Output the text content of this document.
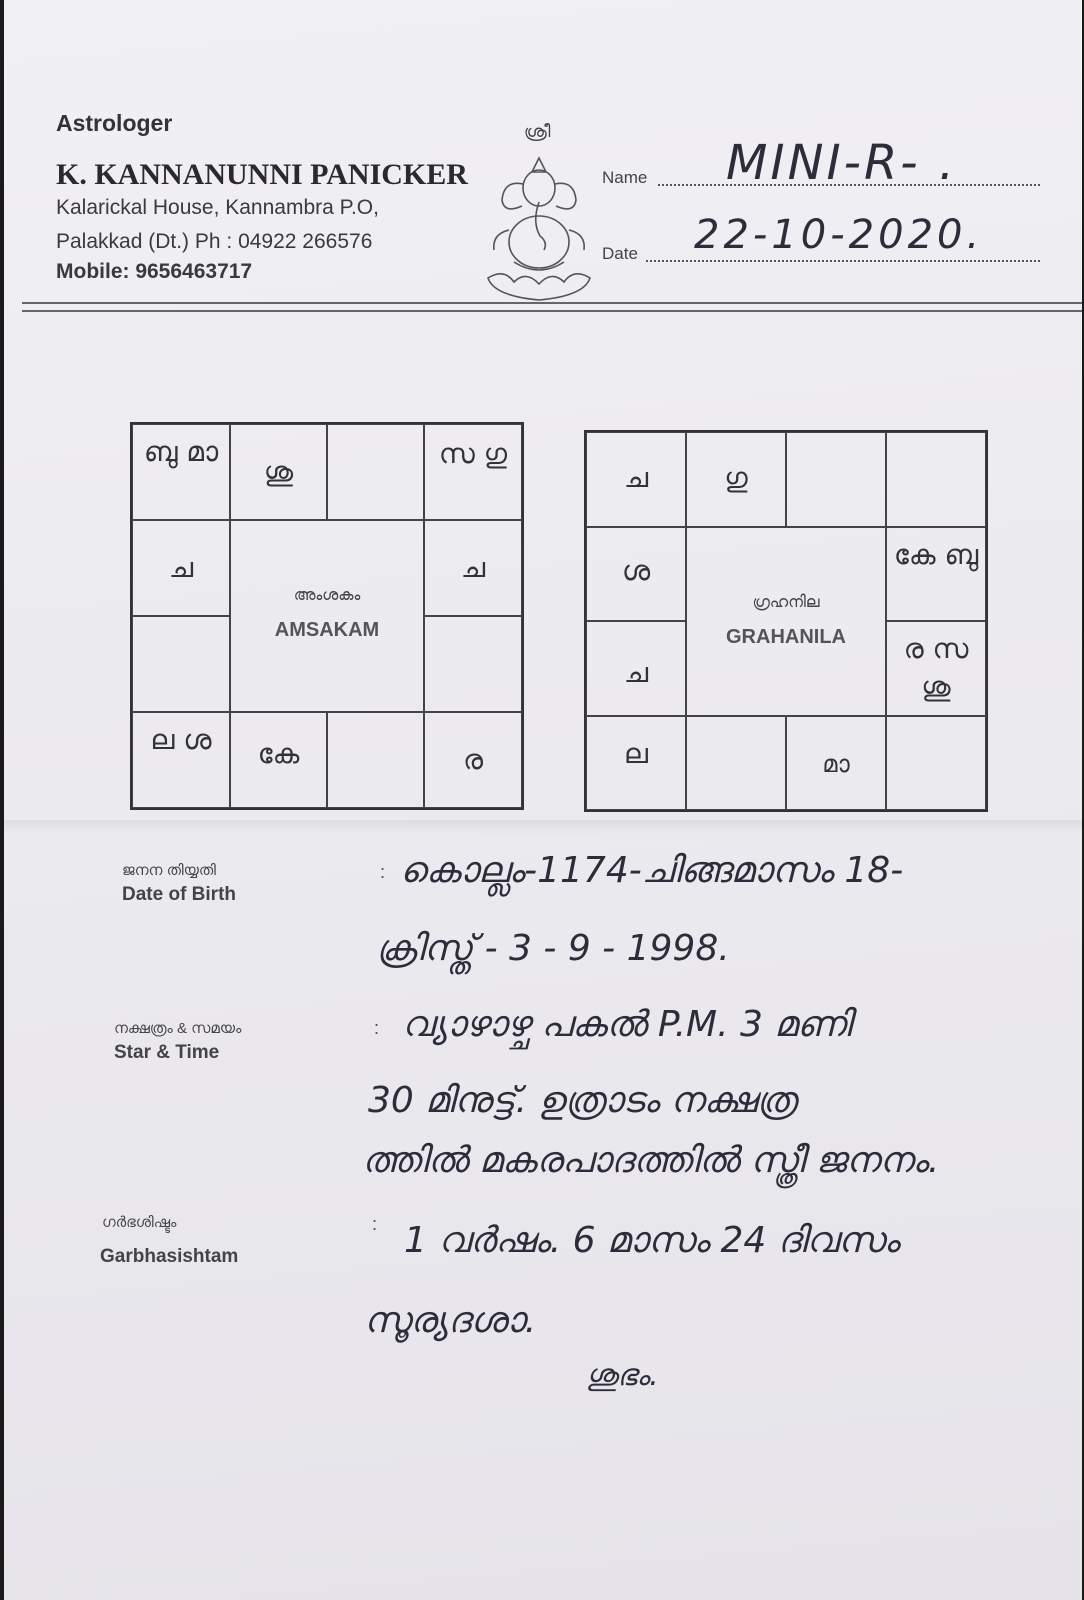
Astrologer
K. KANNANUNNI PANICKER
Kalarickal House, Kannambra P.O,
Palakkad (Dt.) Ph : 04922 266576
Mobile: 9656463717
ശ്രീ
Name MINI-R- .
Date 22-10-2020.
ബു മാ
ശു
സ ഗു
ച
ര
കേ
ല ശ
ച
അംശകം
AMSAKAM
ച	ഗു
കേ ബു
ര സ ശു
മാ
ല
ച
ശ
ഗ്രഹനില
GRAHANILA
ജനന തിയ്യതി
Date of Birth
: കൊല്ലം-1174-ചിങ്ങമാസം 18-
ക്രിസ്ത് - 3 - 9 - 1998.
നക്ഷത്രം & സമയം
Star & Time
: വ്യാഴാഴ്ച പകൽ P.M. 3 മണി
30 മിനുട്ട്. ഉത്രാടം നക്ഷത്ര
ത്തിൽ മകരപാദത്തിൽ സ്ത്രീ ജനനം.
ഗർഭശിഷ്ടം
Garbhasishtam
: 1 വർഷം. 6 മാസം 24 ദിവസം
സൂര്യദശാ.
ശുഭം.
